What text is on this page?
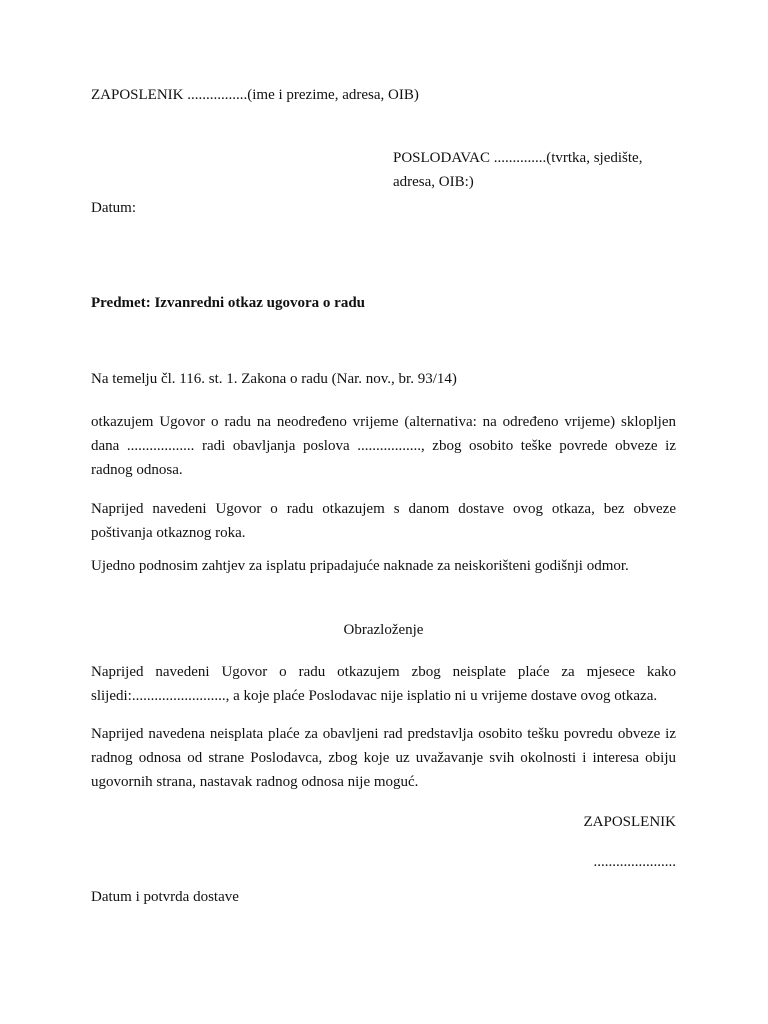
ZAPOSLENIK ................(ime i prezime, adresa, OIB)
POSLODAVAC ..............(tvrtka, sjedište, adresa, OIB:)
Datum:
Predmet: Izvanredni otkaz ugovora o radu
Na temelju čl. 116. st. 1. Zakona o radu (Nar. nov., br. 93/14)
otkazujem Ugovor o radu na neodređeno vrijeme (alternativa: na određeno vrijeme) sklopljen dana .................. radi obavljanja poslova ................., zbog osobito teške povrede obveze iz radnog odnosa.
Naprijed navedeni Ugovor o radu otkazujem s danom dostave ovog otkaza, bez obveze poštivanja otkaznog roka.
Ujedno podnosim zahtjev za isplatu pripadajuće naknade za neiskorišteni godišnji odmor.
Obrazloženje
Naprijed navedeni Ugovor o radu otkazujem zbog neisplate plaće za mjesece kako slijedi:........................., a koje plaće Poslodavac nije isplatio ni u vrijeme dostave ovog otkaza.
Naprijed navedena neisplata plaće za obavljeni rad predstavlja osobito tešku povredu obveze iz radnog odnosa od strane Poslodavca, zbog koje uz uvažavanje svih okolnosti i interesa obiju ugovornih strana, nastavak radnog odnosa nije moguć.
ZAPOSLENIK
......................
Datum i potvrda dostave
